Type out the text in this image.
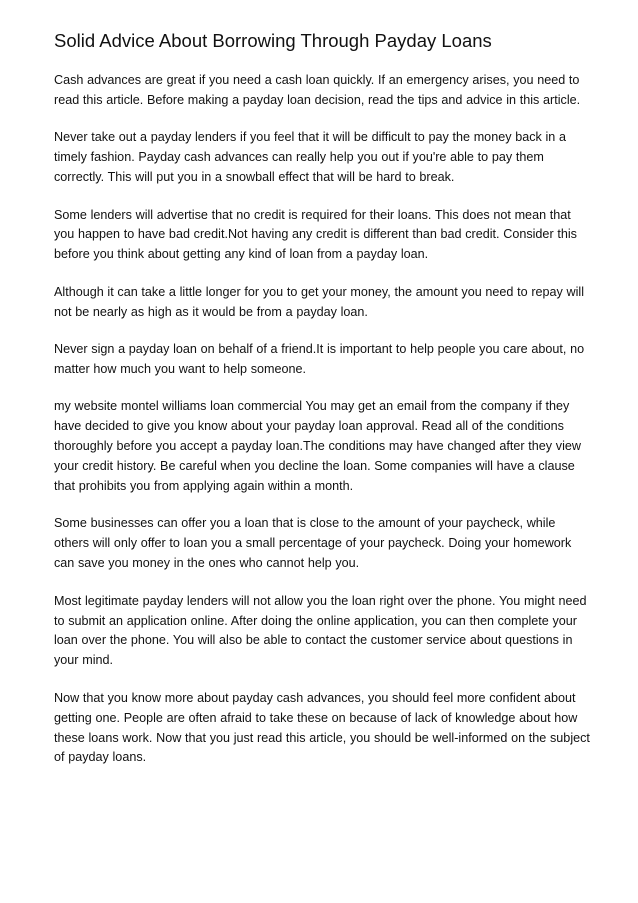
Solid Advice About Borrowing Through Payday Loans

Cash advances are great if you need a cash loan quickly. If an emergency arises, you need to read this article. Before making a payday loan decision, read the tips and advice in this article.

Never take out a payday lenders if you feel that it will be difficult to pay the money back in a timely fashion. Payday cash advances can really help you out if you're able to pay them correctly. This will put you in a snowball effect that will be hard to break.

Some lenders will advertise that no credit is required for their loans. This does not mean that you happen to have bad credit.Not having any credit is different than bad credit. Consider this before you think about getting any kind of loan from a payday loan.

Although it can take a little longer for you to get your money, the amount you need to repay will not be nearly as high as it would be from a payday loan.

Never sign a payday loan on behalf of a friend.It is important to help people you care about, no matter how much you want to help someone.

my website montel williams loan commercial You may get an email from the company if they have decided to give you know about your payday loan approval. Read all of the conditions thoroughly before you accept a payday loan.The conditions may have changed after they view your credit history. Be careful when you decline the loan. Some companies will have a clause that prohibits you from applying again within a month.

Some businesses can offer you a loan that is close to the amount of your paycheck, while others will only offer to loan you a small percentage of your paycheck. Doing your homework can save you money in the ones who cannot help you.

Most legitimate payday lenders will not allow you the loan right over the phone. You might need to submit an application online. After doing the online application, you can then complete your loan over the phone. You will also be able to contact the customer service about questions in your mind.

Now that you know more about payday cash advances, you should feel more confident about getting one. People are often afraid to take these on because of lack of knowledge about how these loans work. Now that you just read this article, you should be well-informed on the subject of payday loans.
